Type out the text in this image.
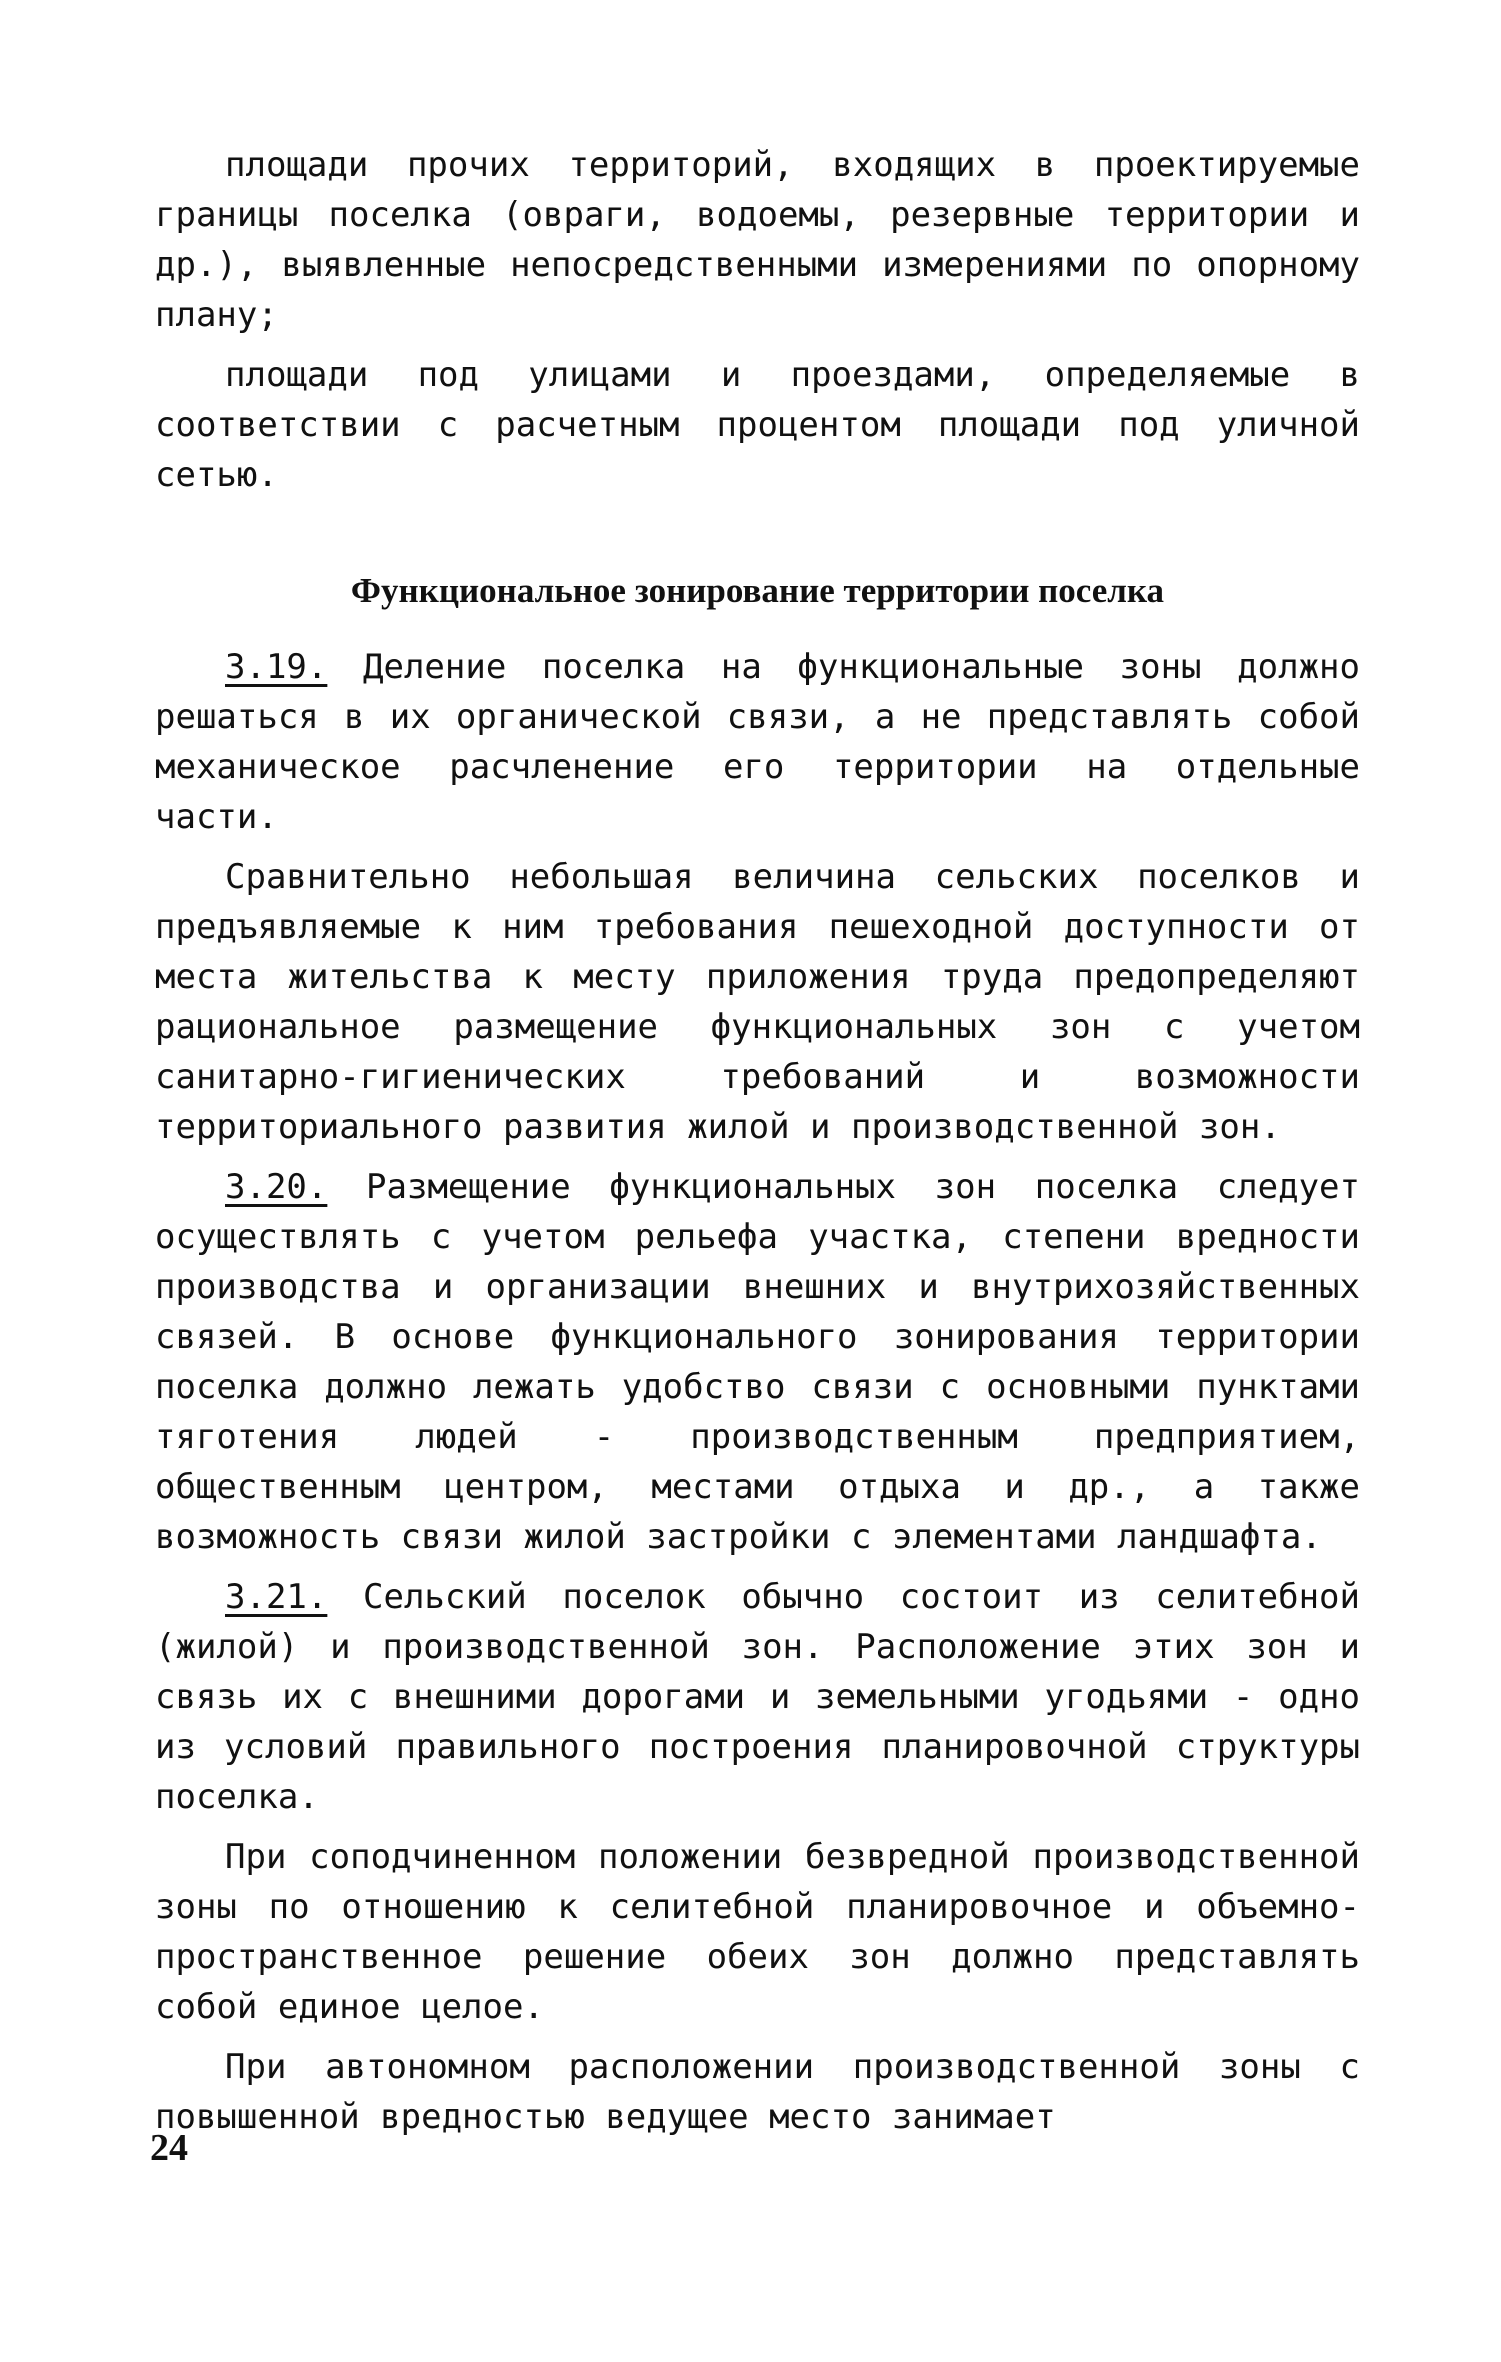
площади прочих территорий, входящих в проектируемые границы поселка (овраги, водоемы, резервные территории и др.), выявленные непосредственными измерениями по опорному плану;

площади под улицами и проездами, определяемые в соответствии с расчетным процентом площади под уличной сетью.

Функциональное зонирование территории поселка

3.19. Деление поселка на функциональные зоны должно решаться в их органической связи, а не представлять собой механическое расчленение его территории на отдельные части.

Сравнительно небольшая величина сельских поселков и предъявляемые к ним требования пешеходной доступности от места жительства к месту приложения труда предопределяют рациональное размещение функциональных зон с учетом санитарно-гигиенических требований и возможности территориального развития жилой и производственной зон.

3.20. Размещение функциональных зон поселка следует осуществлять с учетом рельефа участка, степени вредности производства и организации внешних и внутрихозяйственных связей. В основе функционального зонирования территории поселка должно лежать удобство связи с основными пунктами тяготения людей - производственным предприятием, общественным центром, местами отдыха и др., а также возможность связи жилой застройки с элементами ландшафта.

3.21. Сельский поселок обычно состоит из селитебной (жилой) и производственной зон. Расположение этих зон и связь их с внешними дорогами и земельными угодьями - одно из условий правильного построения планировочной структуры поселка.

При соподчиненном положении безвредной производственной зоны по отношению к селитебной планировочное и объемно-пространственное решение обеих зон должно представлять собой единое целое.

При автономном расположении производственной зоны с повышенной вредностью ведущее место занимает

24
